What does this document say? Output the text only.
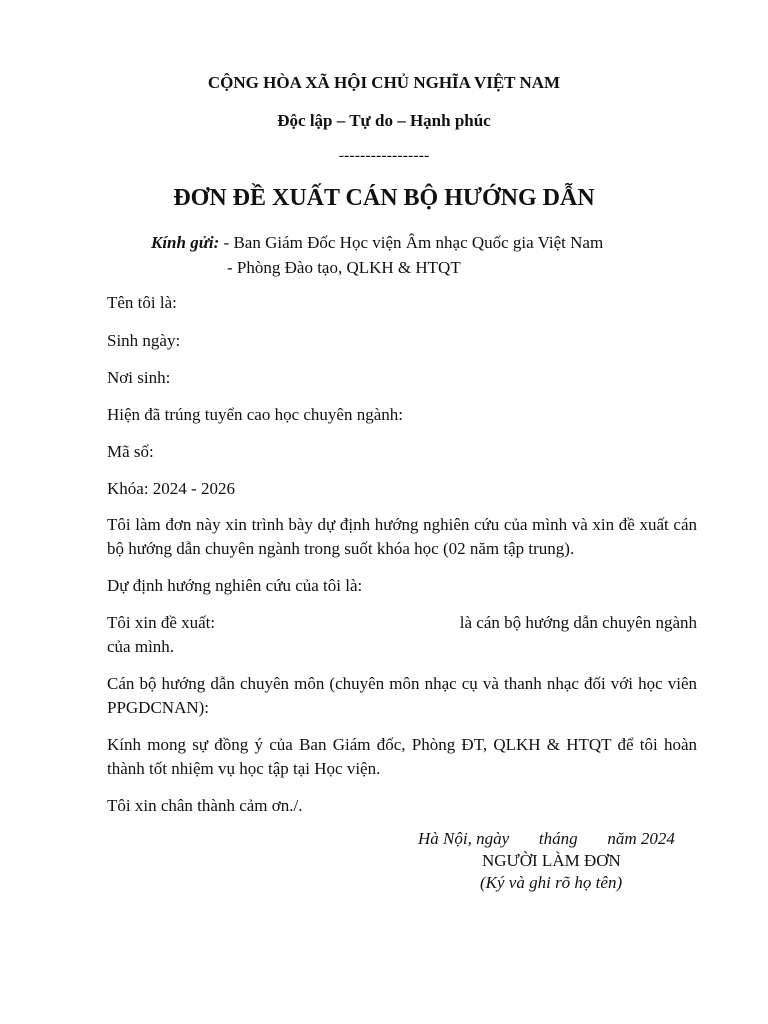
CỘNG HÒA XÃ HỘI CHỦ NGHĨA VIỆT NAM
Độc lập – Tự do – Hạnh phúc
-----------------
ĐƠN ĐỀ XUẤT CÁN BỘ HƯỚNG DẪN
Kính gửi: - Ban Giám Đốc Học viện Âm nhạc Quốc gia Việt Nam
- Phòng Đào tạo, QLKH & HTQT
Tên tôi là:
Sinh ngày:
Nơi sinh:
Hiện đã trúng tuyển cao học chuyên ngành:
Mã số:
Khóa: 2024 - 2026
Tôi làm đơn này xin trình bày dự định hướng nghiên cứu của mình và xin đề xuất cán bộ hướng dẫn chuyên ngành trong suốt khóa học (02 năm tập trung).
Dự định hướng nghiên cứu của tôi là:
Tôi xin đề xuất:	là cán bộ hướng dẫn chuyên ngành
của mình.
Cán bộ hướng dẫn chuyên môn (chuyên môn nhạc cụ và thanh nhạc đối với học viên PPGDCNAN):
Kính mong sự đồng ý của Ban Giám đốc, Phòng ĐT, QLKH & HTQT để tôi hoàn thành tốt nhiệm vụ học tập tại Học viện.
Tôi xin chân thành cảm ơn./.
Hà Nội, ngày       tháng       năm 2024
NGƯỜI LÀM ĐƠN
(Ký và ghi rõ họ tên)
